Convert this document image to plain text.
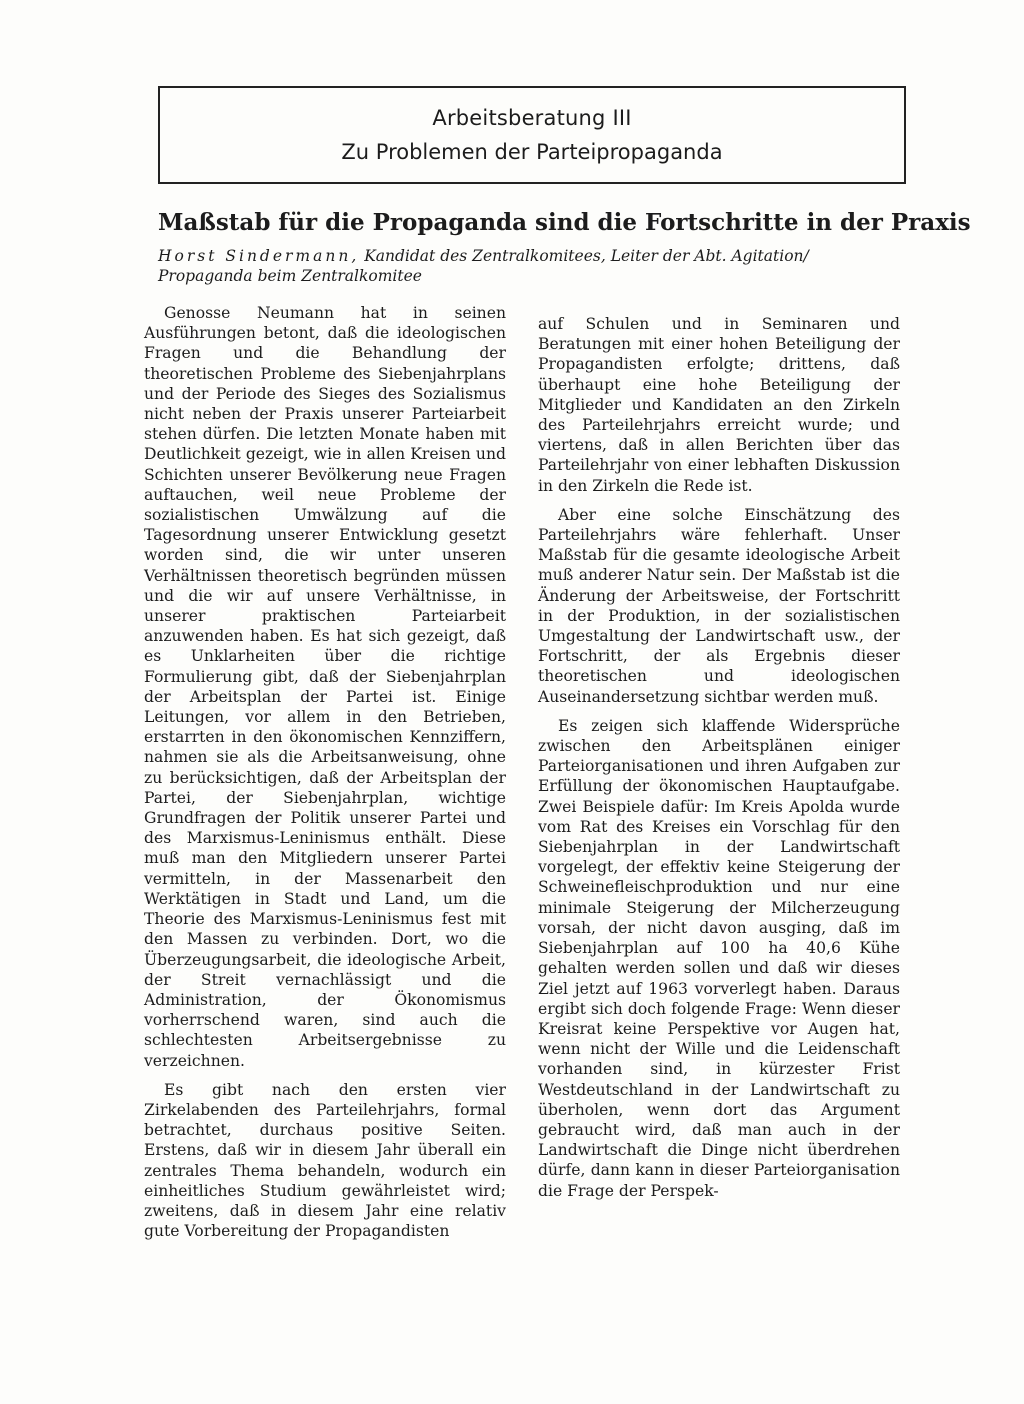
Arbeitsberatung III
Zu Problemen der Parteipropaganda
Maßstab für die Propaganda sind die Fortschritte in der Praxis
Horst Sindermann, Kandidat des Zentralkomitees, Leiter der Abt. Agitation/ Propaganda beim Zentralkomitee

Genosse Neumann hat in seinen Ausführungen betont, daß die ideologischen Fragen und die Behandlung der theoretischen Probleme des Siebenjahrplans und der Periode des Sieges des Sozialismus nicht neben der Praxis unserer Parteiarbeit stehen dürfen. Die letzten Monate haben mit Deutlichkeit gezeigt, wie in allen Kreisen und Schichten unserer Bevölkerung neue Fragen auftauchen, weil neue Probleme der sozialistischen Umwälzung auf die Tagesordnung unserer Entwicklung gesetzt worden sind, die wir unter unseren Verhältnissen theoretisch begründen müssen und die wir auf unsere Verhältnisse, in unserer praktischen Parteiarbeit anzuwenden haben. Es hat sich gezeigt, daß es Unklarheiten über die richtige Formulierung gibt, daß der Siebenjahrplan der Arbeitsplan der Partei ist. Einige Leitungen, vor allem in den Betrieben, erstarrten in den ökonomischen Kennziffern, nahmen sie als die Arbeitsanweisung, ohne zu berücksichtigen, daß der Arbeitsplan der Partei, der Siebenjahrplan, wichtige Grundfragen der Politik unserer Partei und des Marxismus-Leninismus enthält. Diese muß man den Mitgliedern unserer Partei vermitteln, in der Massenarbeit den Werktätigen in Stadt und Land, um die Theorie des Marxismus-Leninismus fest mit den Massen zu verbinden. Dort, wo die Überzeugungsarbeit, die ideologische Arbeit, der Streit vernachlässigt und die Administration, der Ökonomismus vorherrschend waren, sind auch die schlechtesten Arbeitsergebnisse zu verzeichnen.

Es gibt nach den ersten vier Zirkelabenden des Parteilehrjahrs, formal betrachtet, durchaus positive Seiten. Erstens, daß wir in diesem Jahr überall ein zentrales Thema behandeln, wodurch ein einheitliches Studium gewährleistet wird; zweitens, daß in diesem Jahr eine relativ gute Vorbereitung der Propagandisten

auf Schulen und in Seminaren und Beratungen mit einer hohen Beteiligung der Propagandisten erfolgte; drittens, daß überhaupt eine hohe Beteiligung der Mitglieder und Kandidaten an den Zirkeln des Parteilehrjahrs erreicht wurde; und viertens, daß in allen Berichten über das Parteilehrjahr von einer lebhaften Diskussion in den Zirkeln die Rede ist.

Aber eine solche Einschätzung des Parteilehrjahrs wäre fehlerhaft. Unser Maßstab für die gesamte ideologische Arbeit muß anderer Natur sein. Der Maßstab ist die Änderung der Arbeitsweise, der Fortschritt in der Produktion, in der sozialistischen Umgestaltung der Landwirtschaft usw., der Fortschritt, der als Ergebnis dieser theoretischen und ideologischen Auseinandersetzung sichtbar werden muß.

Es zeigen sich klaffende Widersprüche zwischen den Arbeitsplänen einiger Parteiorganisationen und ihren Aufgaben zur Erfüllung der ökonomischen Hauptaufgabe. Zwei Beispiele dafür: Im Kreis Apolda wurde vom Rat des Kreises ein Vorschlag für den Siebenjahrplan in der Landwirtschaft vorgelegt, der effektiv keine Steigerung der Schweinefleischproduktion und nur eine minimale Steigerung der Milcherzeugung vorsah, der nicht davon ausging, daß im Siebenjahrplan auf 100 ha 40,6 Kühe gehalten werden sollen und daß wir dieses Ziel jetzt auf 1963 vorverlegt haben. Daraus ergibt sich doch folgende Frage: Wenn dieser Kreisrat keine Perspektive vor Augen hat, wenn nicht der Wille und die Leidenschaft vorhanden sind, in kürzester Frist Westdeutschland in der Landwirtschaft zu überholen, wenn dort das Argument gebraucht wird, daß man auch in der Landwirtschaft die Dinge nicht überdrehen dürfe, dann kann in dieser Parteiorganisation die Frage der Perspek-
